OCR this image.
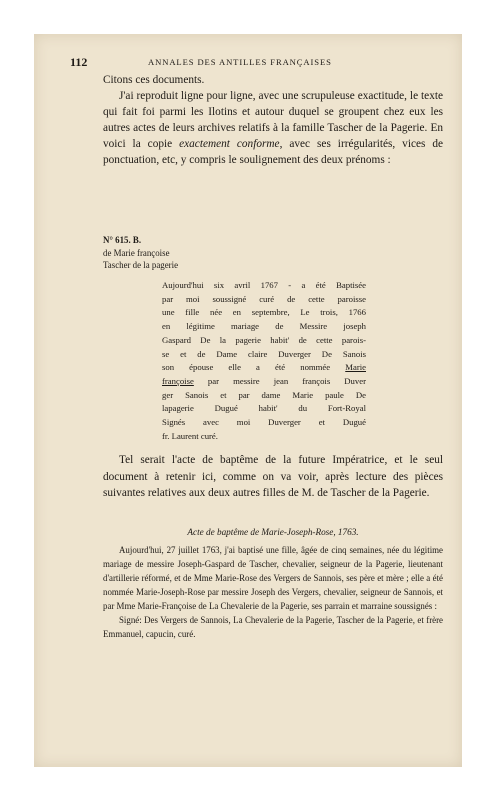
112	ANNALES DES ANTILLES FRANÇAISES

Citons ces documents.

J'ai reproduit ligne pour ligne, avec une scrupuleuse exactitude, le texte qui fait foi parmi les Ilotins et autour duquel se groupent chez eux les autres actes de leurs archives relatifs à la famille Tascher de la Pagerie. En voici la copie exactement conforme, avec ses irrégularités, vices de ponctuation, etc, y compris le soulignement des deux prénoms :

N° 615. B.
de Marie françoise
Tascher de la pagerie
Aujourd'hui six avril 1767 - a été Baptisée
par moi soussigné curé de cette paroisse
une fille née en septembre, Le trois, 1766
en légitime mariage de Messire joseph
Gaspard De la pagerie habit' de cette parois-
se et de Dame claire Duverger De Sanois
son épouse elle a été nommée Marie
françoise par messire jean françois Duver
ger Sanois et par dame Marie paule De
lapagerie Dugué habit' du Fort-Royal
Signés avec moi Duverger et Dugué
fr. Laurent curé.

Tel serait l'acte de baptême de la future Impératrice, et le seul document à retenir ici, comme on va voir, après lecture des pièces suivantes relatives aux deux autres filles de M. de Tascher de la Pagerie.

Acte de baptême de Marie-Joseph-Rose, 1763.

Aujourd'hui, 27 juillet 1763, j'ai baptisé une fille, âgée de cinq semaines, née du légitime mariage de messire Joseph-Gaspard de Tascher, chevalier, seigneur de la Pagerie, lieutenant d'artillerie réformé, et de Mme Marie-Rose des Vergers de Sannois, ses père et mère ; elle a été nommée Marie-Joseph-Rose par messire Joseph des Vergers, chevalier, seigneur de Sannois, et par Mme Marie-Françoise de La Chevalerie de la Pagerie, ses parrain et marraine soussignés :

Signé: Des Vergers de Sannois, La Chevalerie de la Pagerie, Tascher de la Pagerie, et frère Emmanuel, capucin, curé.
